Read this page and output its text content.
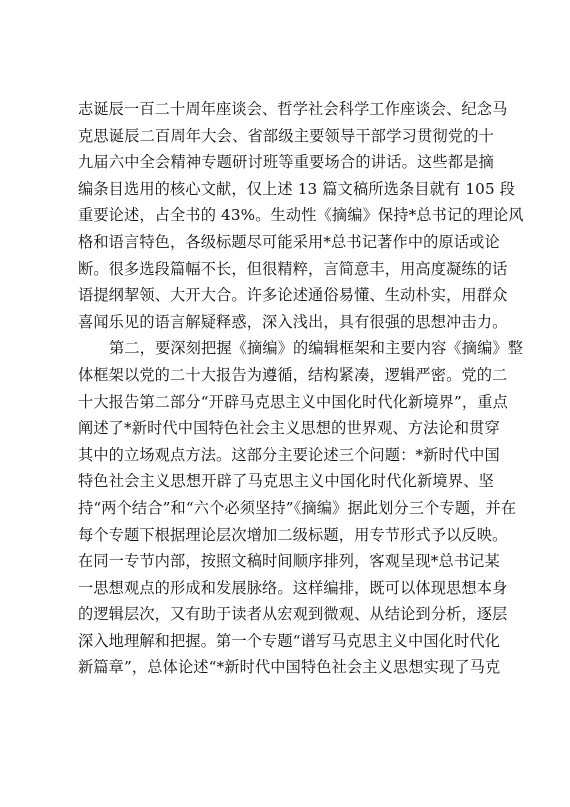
志诞辰一百二十周年座谈会、哲学社会科学工作座谈会、纪念马
克思诞辰二百周年大会、省部级主要领导干部学习贯彻党的十
九届六中全会精神专题研讨班等重要场合的讲话。这些都是摘
编条目选用的核心文献，仅上述 13 篇文稿所选条目就有 105 段
重要论述，占全书的 43%。生动性《摘编》保持*总书记的理论风
格和语言特色，各级标题尽可能采用*总书记著作中的原话或论
断。很多选段篇幅不长，但很精粹，言简意丰，用高度凝练的话
语提纲挈领、大开大合。许多论述通俗易懂、生动朴实，用群众
喜闻乐见的语言解疑释惑，深入浅出，具有很强的思想冲击力。
第二，要深刻把握《摘编》的编辑框架和主要内容《摘编》整
体框架以党的二十大报告为遵循，结构紧凑，逻辑严密。党的二
十大报告第二部分“开辟马克思主义中国化时代化新境界”，重点
阐述了*新时代中国特色社会主义思想的世界观、方法论和贯穿
其中的立场观点方法。这部分主要论述三个问题：*新时代中国
特色社会主义思想开辟了马克思主义中国化时代化新境界、坚
持“两个结合”和“六个必须坚持”《摘编》据此划分三个专题，并在
每个专题下根据理论层次增加二级标题，用专节形式予以反映。
在同一专节内部，按照文稿时间顺序排列，客观呈现*总书记某
一思想观点的形成和发展脉络。这样编排，既可以体现思想本身
的逻辑层次，又有助于读者从宏观到微观、从结论到分析，逐层
深入地理解和把握。第一个专题“谱写马克思主义中国化时代化
新篇章”，总体论述“*新时代中国特色社会主义思想实现了马克
